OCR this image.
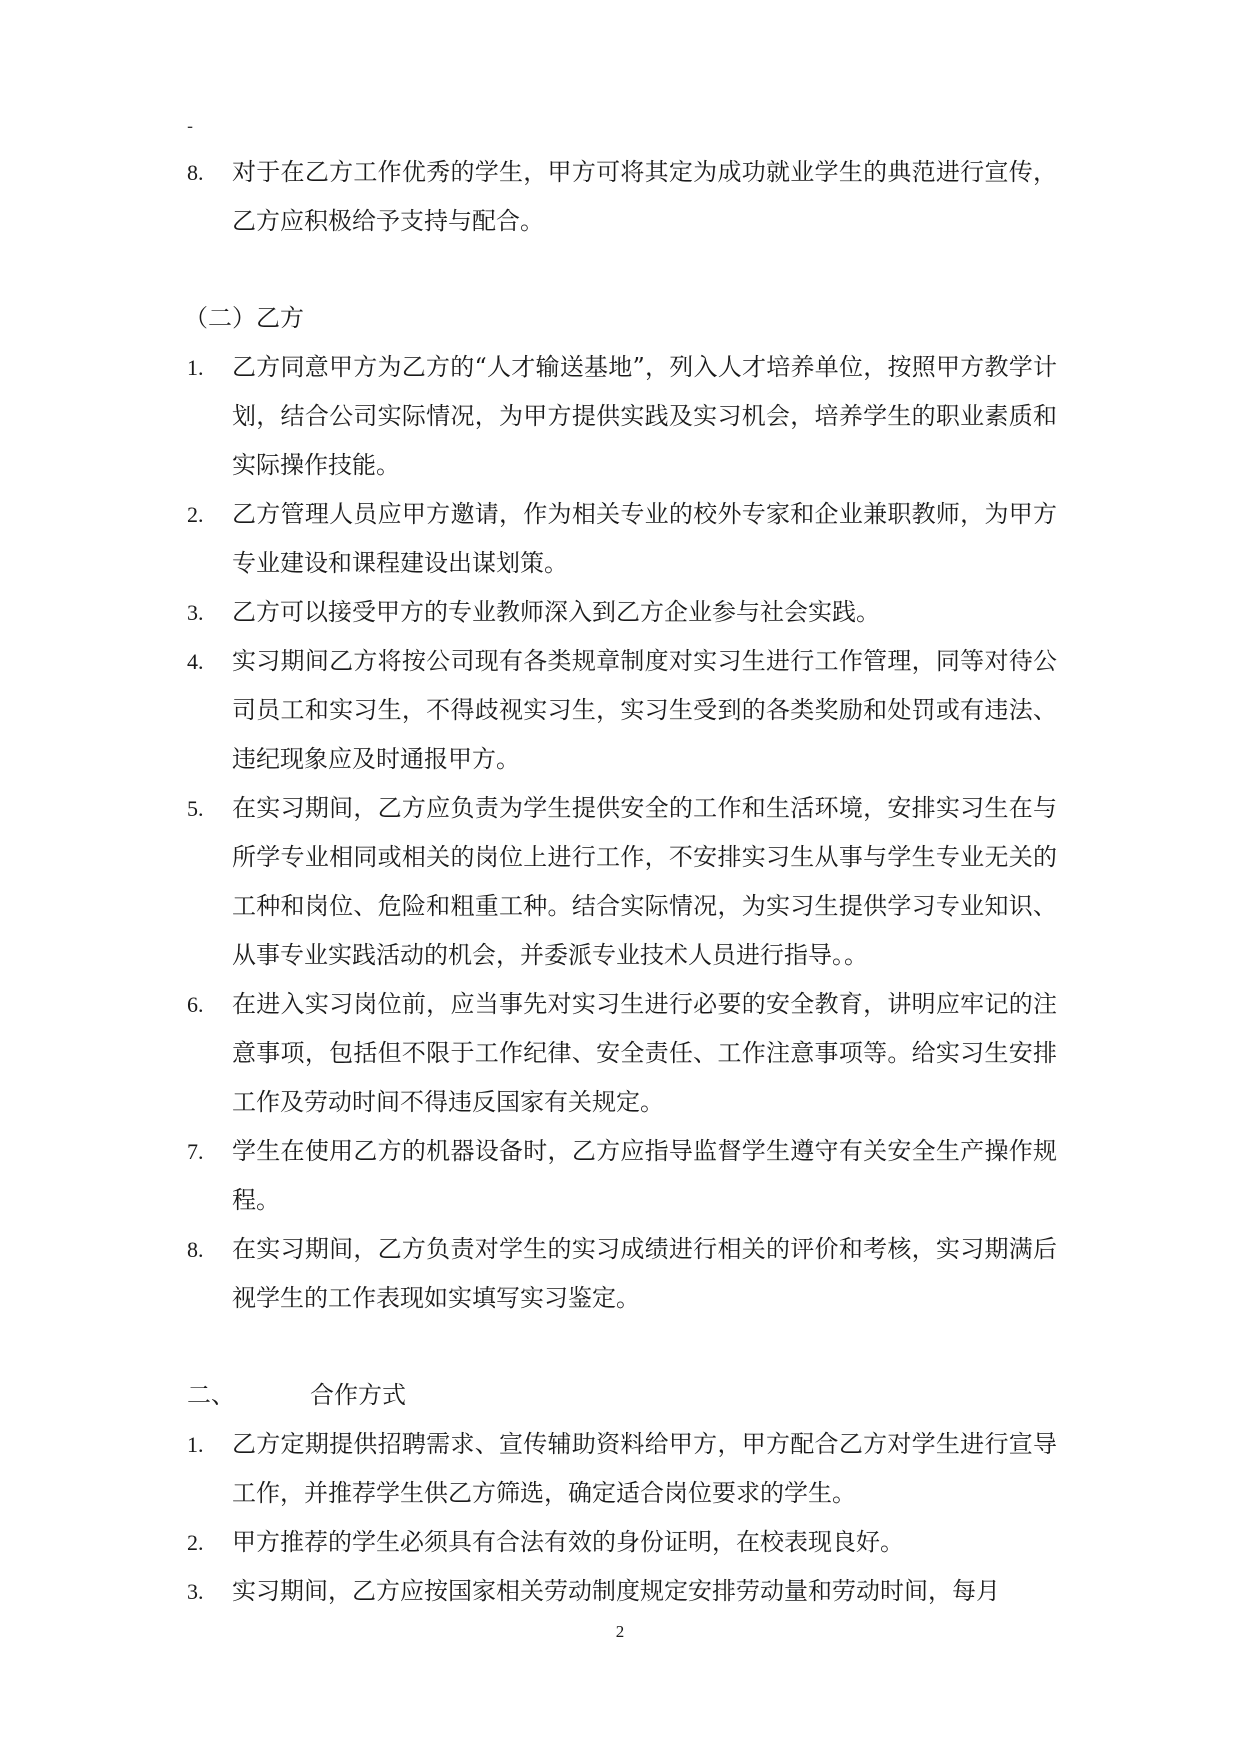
-
8.	对于在乙方工作优秀的学生，甲方可将其定为成功就业学生的典范进行宣传，乙方应积极给予支持与配合。
（二）乙方
1.	乙方同意甲方为乙方的“人才输送基地”，列入人才培养单位，按照甲方教学计划，结合公司实际情况，为甲方提供实践及实习机会，培养学生的职业素质和实际操作技能。
2.	乙方管理人员应甲方邀请，作为相关专业的校外专家和企业兼职教师，为甲方专业建设和课程建设出谋划策。
3.	乙方可以接受甲方的专业教师深入到乙方企业参与社会实践。
4.	实习期间乙方将按公司现有各类规章制度对实习生进行工作管理，同等对待公司员工和实习生，不得歧视实习生，实习生受到的各类奖励和处罚或有违法、违纪现象应及时通报甲方。
5.	在实习期间，乙方应负责为学生提供安全的工作和生活环境，安排实习生在与所学专业相同或相关的岗位上进行工作，不安排实习生从事与学生专业无关的工种和岗位、危险和粗重工种。结合实际情况，为实习生提供学习专业知识、从事专业实践活动的机会，并委派专业技术人员进行指导。。
6.	在进入实习岗位前，应当事先对实习生进行必要的安全教育，讲明应牢记的注意事项，包括但不限于工作纪律、安全责任、工作注意事项等。给实习生安排工作及劳动时间不得违反国家有关规定。
7.	学生在使用乙方的机器设备时，乙方应指导监督学生遵守有关安全生产操作规程。
8.	在实习期间，乙方负责对学生的实习成绩进行相关的评价和考核，实习期满后视学生的工作表现如实填写实习鉴定。
二、	合作方式
1.	乙方定期提供招聘需求、宣传辅助资料给甲方，甲方配合乙方对学生进行宣导工作，并推荐学生供乙方筛选，确定适合岗位要求的学生。
2.	甲方推荐的学生必须具有合法有效的身份证明，在校表现良好。
3.	实习期间，乙方应按国家相关劳动制度规定安排劳动量和劳动时间，每月
2
